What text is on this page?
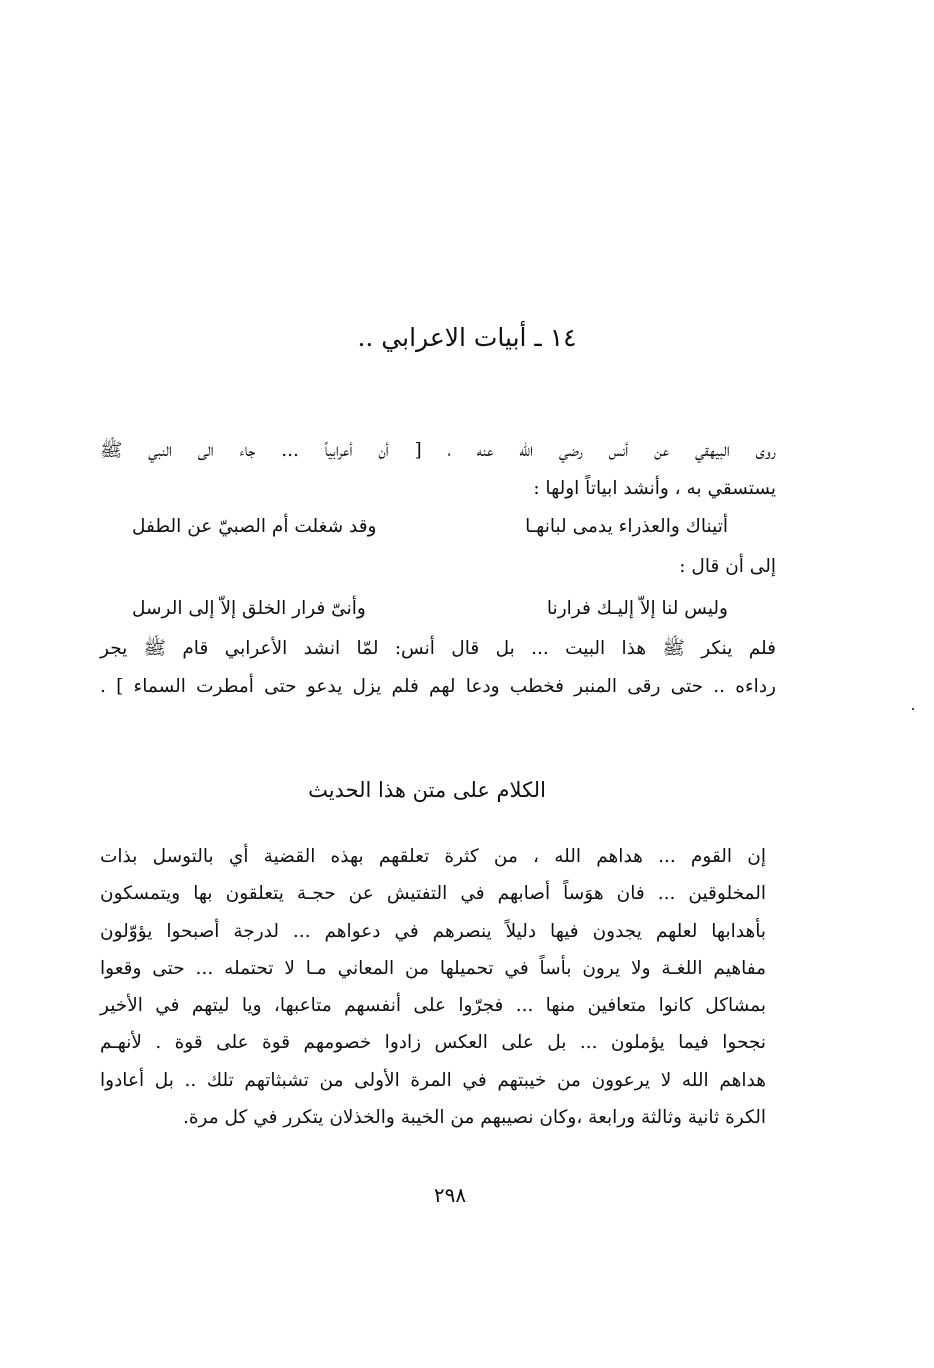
١٤ ـ أبيات الاعرابي ..
روى البيهقي عن أنس رضي الله عنه ، [ أن أعرابياً ... جاء الى النبي ﷺ
يستسقي به ، وأنشد ابياتاً اولها :
أتيناك والعذراء يدمى لبانهـا
وقد شغلت أم الصبيّ عن الطفل
إلى أن قال :
وليس لنا إلاّ إليـك فرارنا
وأنىّ فرار الخلق إلاّ إلى الرسل
فلم ينكر ﷺ هذا البيت ... بل قال أنس: لمّا انشد الأعرابي قام ﷺ يجر
رداءه .. حتى رقى المنبر فخطب ودعا لهم فلم يزل يدعو حتى أمطرت السماء ] .
الكلام على متن هذا الحديث
إن القوم ... هداهم الله ، من كثرة تعلقهم بهذه القضية أي بالتوسل بذات
المخلوقين ... فان هوَساً أصابهم في التفتيش عن حجـة يتعلقون بها ويتمسكون
بأهدابها لعلهم يجدون فيها دليلاً ينصرهم في دعواهم ... لدرجة أصبحوا يؤوّلون
مفاهيم اللغـة ولا يرون بأساً في تحميلها من المعاني مـا لا تحتمله ... حتى وقعوا
بمشاكل كانوا متعافين منها ... فجرّوا على أنفسهم متاعبها، ويا ليتهم في الأخير
نجحوا فيما يؤملون ... بل على العكس زادوا خصومهم قوة على قوة . لأنهـم
هداهم الله لا يرعوون من خيبتهم في المرة الأولى من تشبثاتهم تلك .. بل أعادوا
الكرة ثانية وثالثة ورابعة ،وكان نصيبهم من الخيبة والخذلان يتكرر في كل مرة.
٢٩٨
